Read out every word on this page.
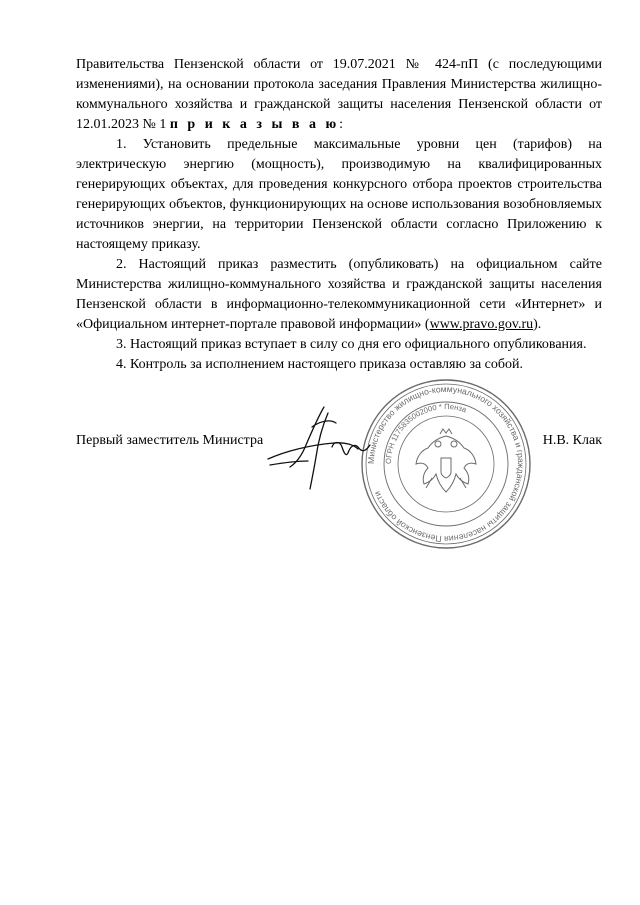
Правительства Пензенской области от 19.07.2021 № 424-пП (с последующими изменениями), на основании протокола заседания Правления Министерства жилищно-коммунального хозяйства и гражданской защиты населения Пензенской области от 12.01.2023 № 1 п р и к а з ы в а ю:

1. Установить предельные максимальные уровни цен (тарифов) на электрическую энергию (мощность), производимую на квалифицированных генерирующих объектах, для проведения конкурсного отбора проектов строительства генерирующих объектов, функционирующих на основе использования возобновляемых источников энергии, на территории Пензенской области согласно Приложению к настоящему приказу.

2. Настоящий приказ разместить (опубликовать) на официальном сайте Министерства жилищно-коммунального хозяйства и гражданской защиты населения Пензенской области в информационно-телекоммуникационной сети «Интернет» и «Официальном интернет-портале правовой информации» (www.pravo.gov.ru).

3. Настоящий приказ вступает в силу со дня его официального опубликования.

4. Контроль за исполнением настоящего приказа оставляю за собой.

Первый заместитель Министра	Н.В. Клак
Министерство жилищно-коммунального хозяйства и гражданской защиты населения Пензенской области
ОГРН 1175835002000 * Пенза
